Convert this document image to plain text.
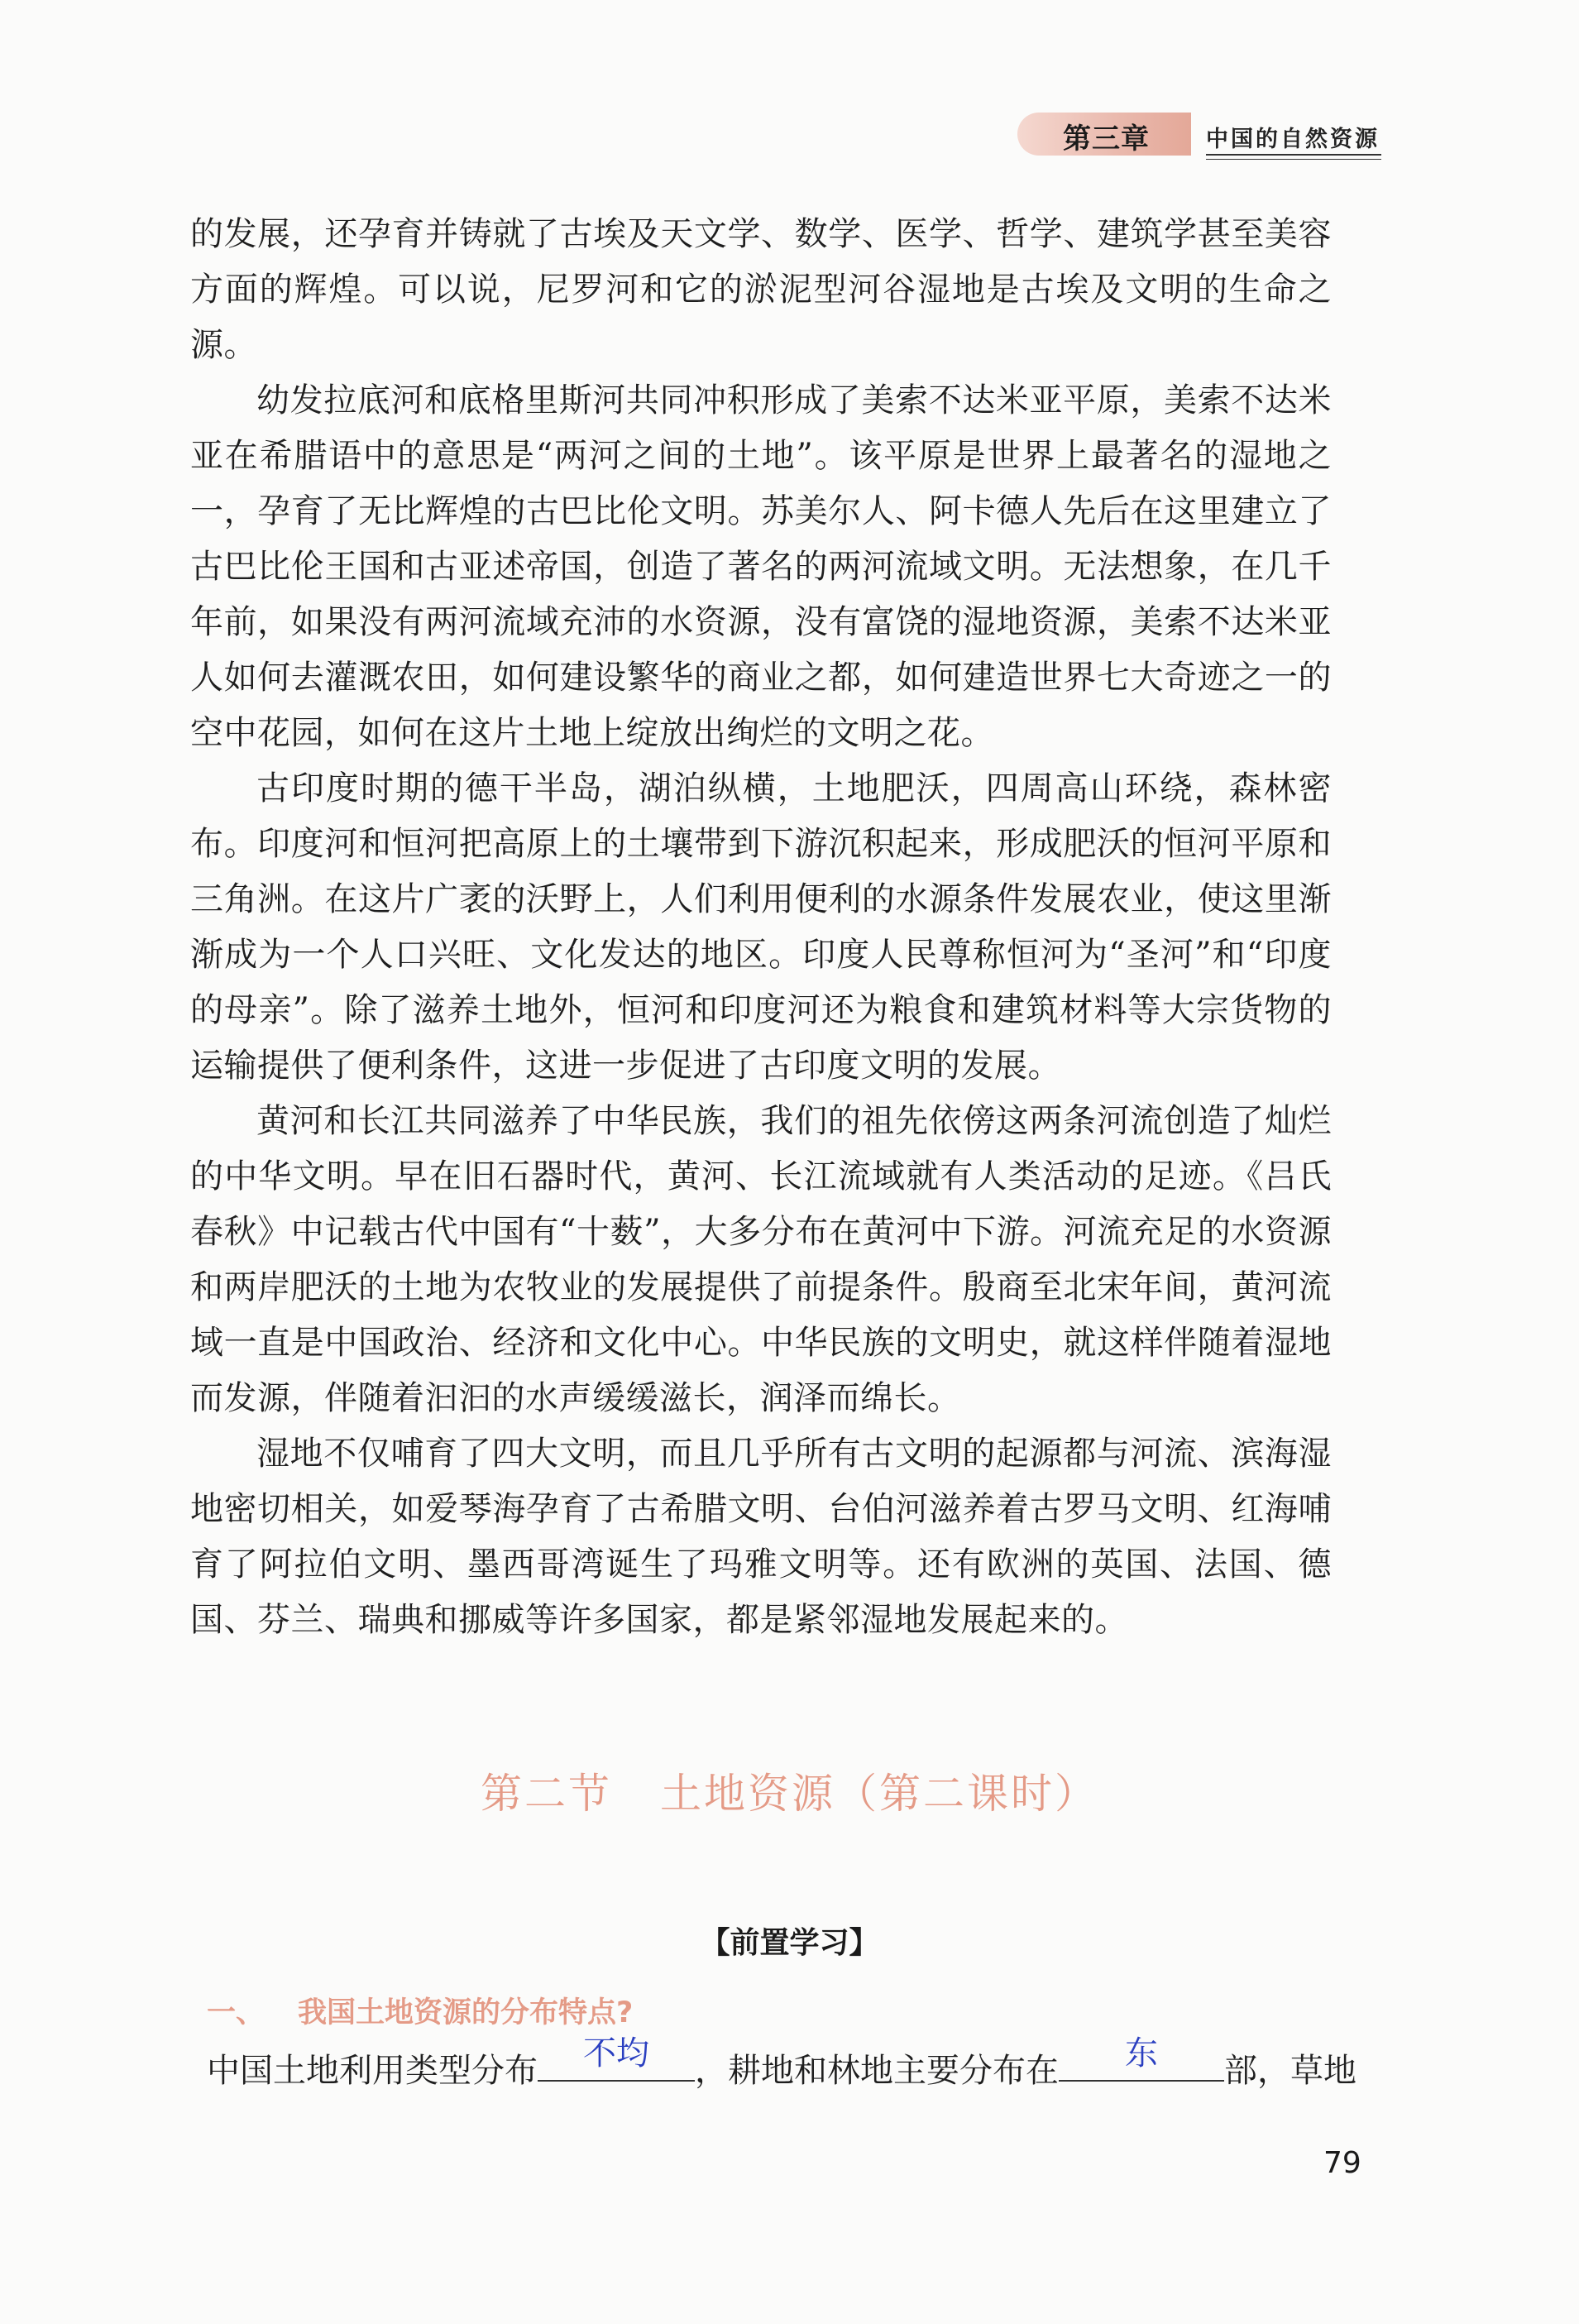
第三章	中国的自然资源

的发展，还孕育并铸就了古埃及天文学、数学、医学、哲学、建筑学甚至美容方面的辉煌。可以说，尼罗河和它的淤泥型河谷湿地是古埃及文明的生命之源。

幼发拉底河和底格里斯河共同冲积形成了美索不达米亚平原，美索不达米亚在希腊语中的意思是“两河之间的土地”。该平原是世界上最著名的湿地之一，孕育了无比辉煌的古巴比伦文明。苏美尔人、阿卡德人先后在这里建立了古巴比伦王国和古亚述帝国，创造了著名的两河流域文明。无法想象，在几千年前，如果没有两河流域充沛的水资源，没有富饶的湿地资源，美索不达米亚人如何去灌溉农田，如何建设繁华的商业之都，如何建造世界七大奇迹之一的空中花园，如何在这片土地上绽放出绚烂的文明之花。

古印度时期的德干半岛，湖泊纵横，土地肥沃，四周高山环绕，森林密布。印度河和恒河把高原上的土壤带到下游沉积起来，形成肥沃的恒河平原和三角洲。在这片广袤的沃野上，人们利用便利的水源条件发展农业，使这里渐渐成为一个人口兴旺、文化发达的地区。印度人民尊称恒河为“圣河”和“印度的母亲”。除了滋养土地外，恒河和印度河还为粮食和建筑材料等大宗货物的运输提供了便利条件，这进一步促进了古印度文明的发展。

黄河和长江共同滋养了中华民族，我们的祖先依傍这两条河流创造了灿烂的中华文明。早在旧石器时代，黄河、长江流域就有人类活动的足迹。《吕氏春秋》中记载古代中国有“十薮”，大多分布在黄河中下游。河流充足的水资源和两岸肥沃的土地为农牧业的发展提供了前提条件。殷商至北宋年间，黄河流域一直是中国政治、经济和文化中心。中华民族的文明史，就这样伴随着湿地而发源，伴随着汩汩的水声缓缓滋长，润泽而绵长。

湿地不仅哺育了四大文明，而且几乎所有古文明的起源都与河流、滨海湿地密切相关，如爱琴海孕育了古希腊文明、台伯河滋养着古罗马文明、红海哺育了阿拉伯文明、墨西哥湾诞生了玛雅文明等。还有欧洲的英国、法国、德国、芬兰、瑞典和挪威等许多国家，都是紧邻湿地发展起来的。

第二节 土地资源（第二课时）
【前置学习】
一、 我国土地资源的分布特点?
中国土地利用类型分布	不均	，耕地和林地主要分布在	东	部，草地
79
